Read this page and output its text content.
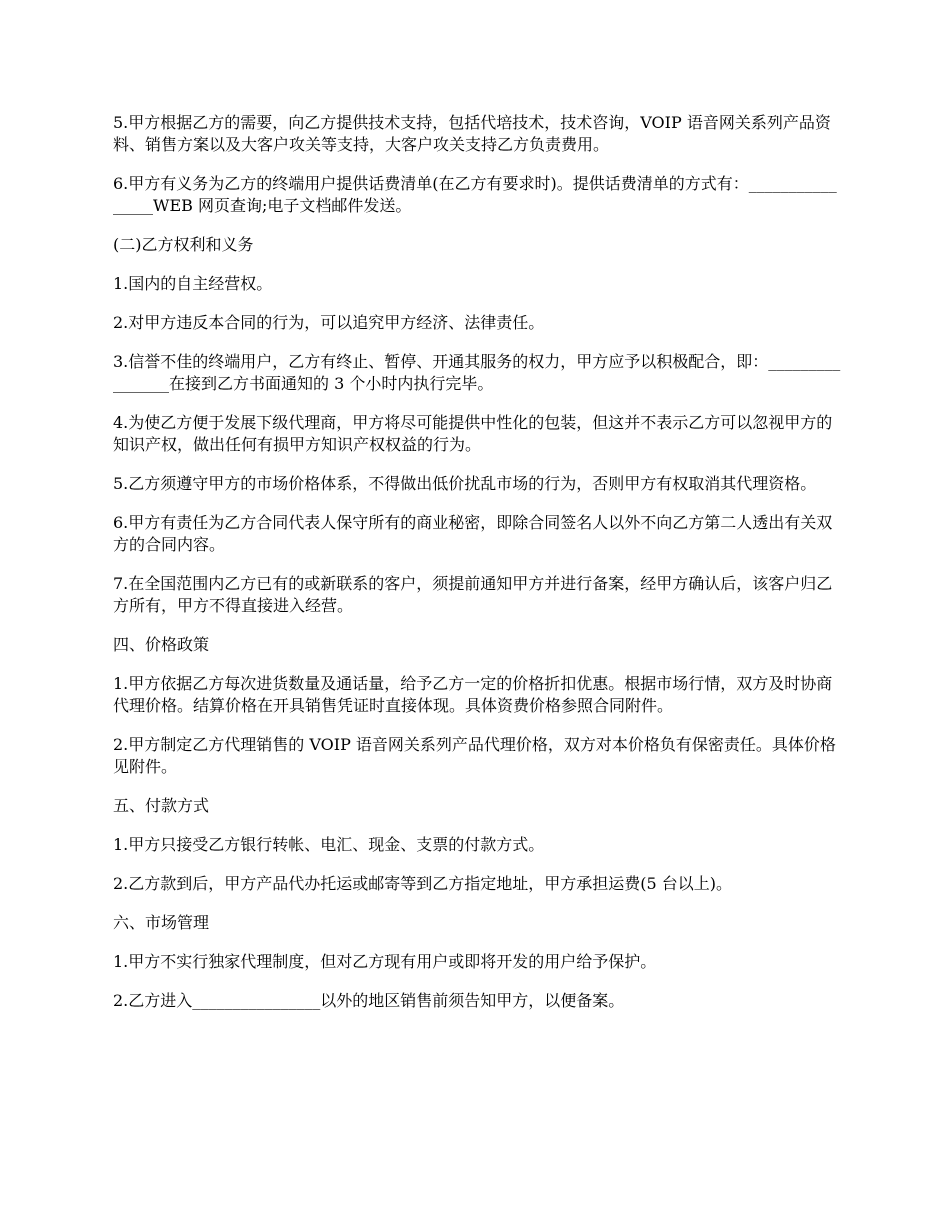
5.甲方根据乙方的需要，向乙方提供技术支持，包括代培技术，技术咨询，VOIP 语音网关系列产品资料、销售方案以及大客户攻关等支持，大客户攻关支持乙方负责费用。

6.甲方有义务为乙方的终端用户提供话费清单(在乙方有要求时)。提供话费清单的方式有：________________WEB 网页查询;电子文档邮件发送。

(二)乙方权利和义务

1.国内的自主经营权。

2.对甲方违反本合同的行为，可以追究甲方经济、法律责任。

3.信誉不佳的终端用户，乙方有终止、暂停、开通其服务的权力，甲方应予以积极配合，即：________________在接到乙方书面通知的 3 个小时内执行完毕。

4.为使乙方便于发展下级代理商，甲方将尽可能提供中性化的包装，但这并不表示乙方可以忽视甲方的知识产权，做出任何有损甲方知识产权权益的行为。

5.乙方须遵守甲方的市场价格体系，不得做出低价扰乱市场的行为，否则甲方有权取消其代理资格。

6.甲方有责任为乙方合同代表人保守所有的商业秘密，即除合同签名人以外不向乙方第二人透出有关双方的合同内容。

7.在全国范围内乙方已有的或新联系的客户，须提前通知甲方并进行备案，经甲方确认后，该客户归乙方所有，甲方不得直接进入经营。

四、价格政策

1.甲方依据乙方每次进货数量及通话量，给予乙方一定的价格折扣优惠。根据市场行情，双方及时协商代理价格。结算价格在开具销售凭证时直接体现。具体资费价格参照合同附件。

2.甲方制定乙方代理销售的 VOIP 语音网关系列产品代理价格，双方对本价格负有保密责任。具体价格见附件。

五、付款方式

1.甲方只接受乙方银行转帐、电汇、现金、支票的付款方式。

2.乙方款到后，甲方产品代办托运或邮寄等到乙方指定地址，甲方承担运费(5 台以上)。

六、市场管理

1.甲方不实行独家代理制度，但对乙方现有用户或即将开发的用户给予保护。

2.乙方进入________________以外的地区销售前须告知甲方，以便备案。
